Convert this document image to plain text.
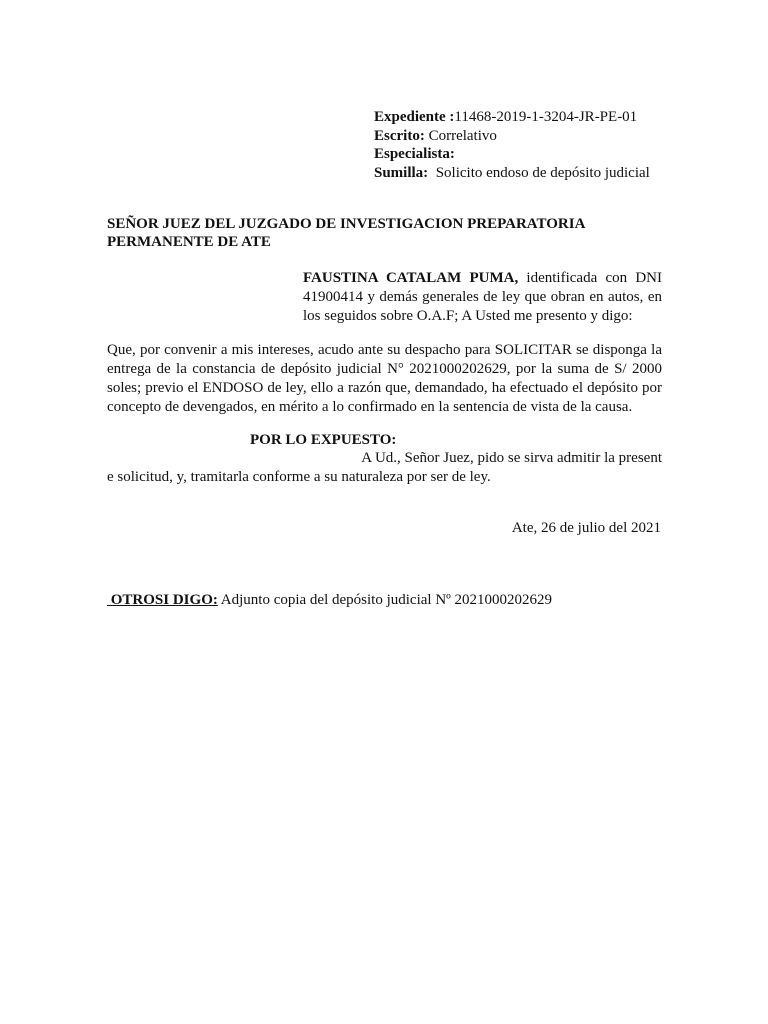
Expediente :11468-2019-1-3204-JR-PE-01
Escrito: Correlativo
Especialista:
Sumilla:  Solicito endoso de depósito judicial
SEÑOR JUEZ DEL JUZGADO DE INVESTIGACION PREPARATORIA PERMANENTE DE ATE
FAUSTINA CATALAM PUMA, identificada con DNI 41900414 y demás generales de ley que obran en autos, en los seguidos sobre O.A.F; A Usted me presento y digo:
Que, por convenir a mis intereses, acudo ante su despacho para SOLICITAR se disponga la entrega de la constancia de depósito judicial N° 2021000202629, por la suma de S/ 2000 soles; previo el ENDOSO de ley, ello a razón que, demandado, ha efectuado el depósito por concepto de devengados, en mérito a lo confirmado en la sentencia de vista de la causa.
POR LO EXPUESTO:
A Ud., Señor Juez, pido se sirva admitir la present
e solicitud, y, tramitarla conforme a su naturaleza por ser de ley.
Ate, 26 de julio del 2021
OTROSI DIGO: Adjunto copia del depósito judicial Nº 2021000202629
